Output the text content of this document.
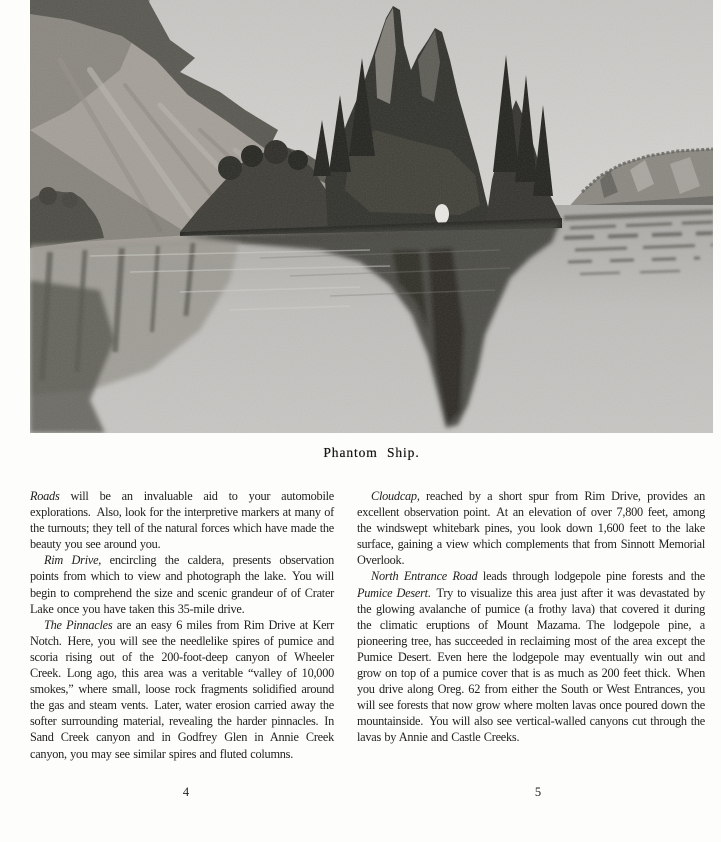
Phantom Ship.

Roads will be an invaluable aid to your automobile explorations. Also, look for the interpretive markers at many of the turnouts; they tell of the natural forces which have made the beauty you see around you.

Rim Drive, encircling the caldera, presents observation points from which to view and photograph the lake. You will begin to comprehend the size and scenic grandeur of of Crater Lake once you have taken this 35-mile drive.

The Pinnacles are an easy 6 miles from Rim Drive at Kerr Notch. Here, you will see the needlelike spires of pumice and scoria rising out of the 200-foot-deep canyon of Wheeler Creek. Long ago, this area was a veritable “valley of 10,000 smokes,” where small, loose rock fragments solidified around the gas and steam vents. Later, water erosion carried away the softer surrounding material, revealing the harder pinnacles. In Sand Creek canyon and in Godfrey Glen in Annie Creek canyon, you may see similar spires and fluted columns.

Cloudcap, reached by a short spur from Rim Drive, provides an excellent observation point. At an elevation of over 7,800 feet, among the windswept whitebark pines, you look down 1,600 feet to the lake surface, gaining a view which complements that from Sinnott Memorial Overlook.

North Entrance Road leads through lodgepole pine forests and the Pumice Desert. Try to visualize this area just after it was devastated by the glowing avalanche of pumice (a frothy lava) that covered it during the climatic eruptions of Mount Mazama. The lodgepole pine, a pioneering tree, has succeeded in reclaiming most of the area except the Pumice Desert. Even here the lodgepole may eventually win out and grow on top of a pumice cover that is as much as 200 feet thick. When you drive along Oreg. 62 from either the South or West Entrances, you will see forests that now grow where molten lavas once poured down the mountainside. You will also see vertical-walled canyons cut through the lavas by Annie and Castle Creeks.

4	5
